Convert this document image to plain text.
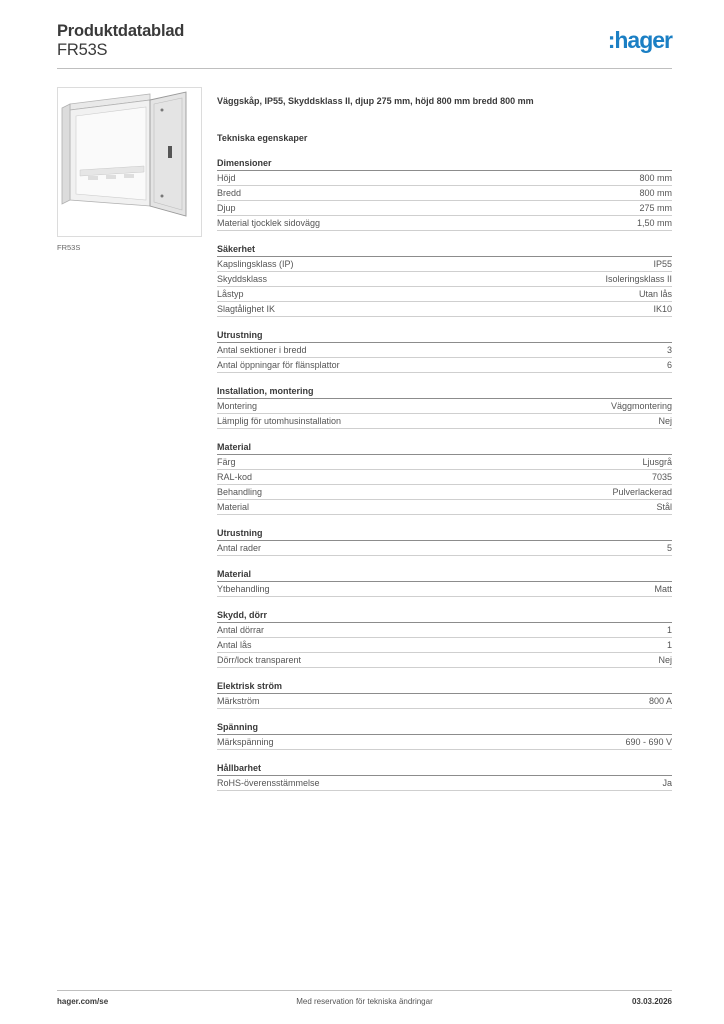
Produktdatablad
FR53S	:hager
FR53S
Väggskåp, IP55, Skyddsklass II, djup 275 mm, höjd 800 mm bredd 800 mm
Tekniska egenskaper
Dimensioner
Höjd	800 mm
Bredd	800 mm
Djup	275 mm
Material tjocklek sidovägg	1,50 mm
Säkerhet
Kapslingsklass (IP)	IP55
Skyddsklass	Isoleringsklass II
Låstyp	Utan lås
Slagtålighet IK	IK10
Utrustning
Antal sektioner i bredd	3
Antal öppningar för flänsplattor	6
Installation, montering
Montering	Väggmontering
Lämplig för utomhusinstallation	Nej
Material
Färg	Ljusgrå
RAL-kod	7035
Behandling	Pulverlackerad
Material	Stål
Utrustning
Antal rader	5
Material
Ytbehandling	Matt
Skydd, dörr
Antal dörrar	1
Antal lås	1
Dörr/lock transparent	Nej
Elektrisk ström
Märkström	800 A
Spänning
Märkspänning	690 - 690 V
Hållbarhet
RoHS-överensstämmelse	Ja
hager.com/se	Med reservation för tekniska ändringar	03.03.2026
